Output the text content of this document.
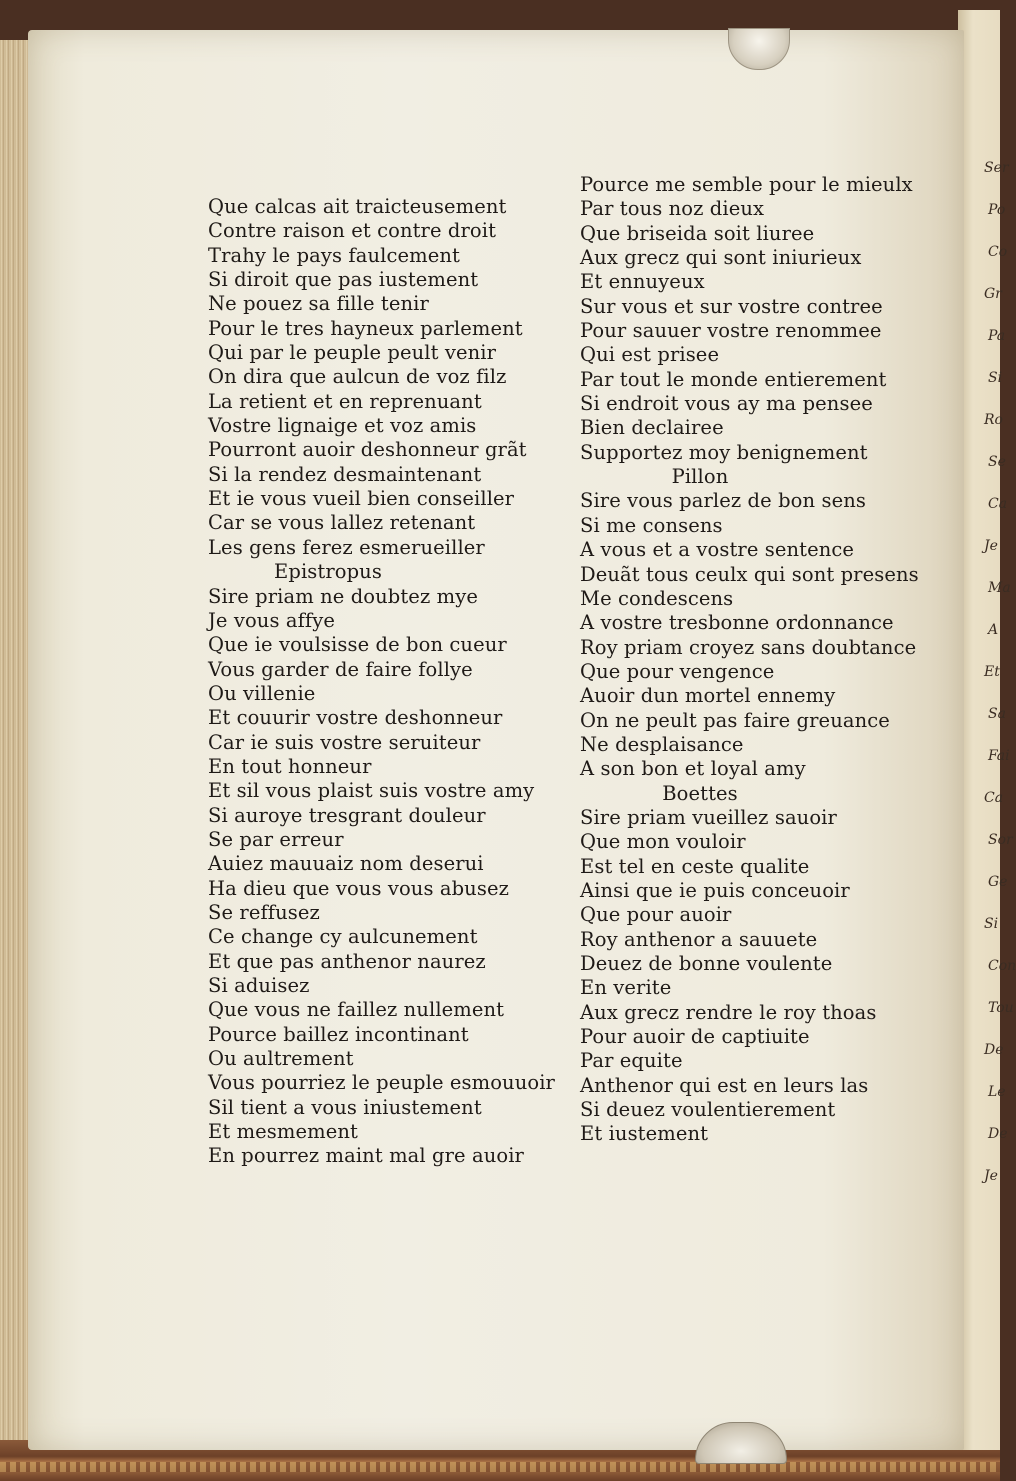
Ser
Po
Co
Gr
Pa
Si
Ro
Se
Ca
Je
Ma
A
Et
Sa
Fai
Ca
Sor
Ge
Si
Con
Tou
De
Le
De
Je
Que calcas ait traicteusement
Contre raison et contre droit
Trahy le pays faulcement
Si diroit que pas iustement
Ne pouez sa fille tenir
Pour le tres hayneux parlement
Qui par le peuple peult venir
On dira que aulcun de voz filz
La retient et en reprenuant
Vostre lignaige et voz amis
Pourront auoir deshonneur grãt
Si la rendez desmaintenant
Et ie vous vueil bien conseiller
Car se vous lallez retenant
Les gens ferez esmerueiller
Epistropus
Sire priam ne doubtez mye
Je vous affye
Que ie voulsisse de bon cueur
Vous garder de faire follye
Ou villenie
Et couurir vostre deshonneur
Car ie suis vostre seruiteur
En tout honneur
Et sil vous plaist suis vostre amy
Si auroye tresgrant douleur
Se par erreur
Auiez mauuaiz nom deserui
Ha dieu que vous vous abusez
Se reffusez
Ce change cy aulcunement
Et que pas anthenor naurez
Si aduisez
Que vous ne faillez nullement
Pource baillez incontinant
Ou aultrement
Vous pourriez le peuple esmouuoir
Sil tient a vous iniustement
Et mesmement
En pourrez maint mal gre auoir
Pource me semble pour le mieulx
Par tous noz dieux
Que briseida soit liuree
Aux grecz qui sont iniurieux
Et ennuyeux
Sur vous et sur vostre contree
Pour sauuer vostre renommee
Qui est prisee
Par tout le monde entierement
Si endroit vous ay ma pensee
Bien declairee
Supportez moy benignement
Pillon
Sire vous parlez de bon sens
Si me consens
A vous et a vostre sentence
Deuãt tous ceulx qui sont presens
Me condescens
A vostre tresbonne ordonnance
Roy priam croyez sans doubtance
Que pour vengence
Auoir dun mortel ennemy
On ne peult pas faire greuance
Ne desplaisance
A son bon et loyal amy
Boettes
Sire priam vueillez sauoir
Que mon vouloir
Est tel en ceste qualite
Ainsi que ie puis conceuoir
Que pour auoir
Roy anthenor a sauuete
Deuez de bonne voulente
En verite
Aux grecz rendre le roy thoas
Pour auoir de captiuite
Par equite
Anthenor qui est en leurs las
Si deuez voulentierement
Et iustement
